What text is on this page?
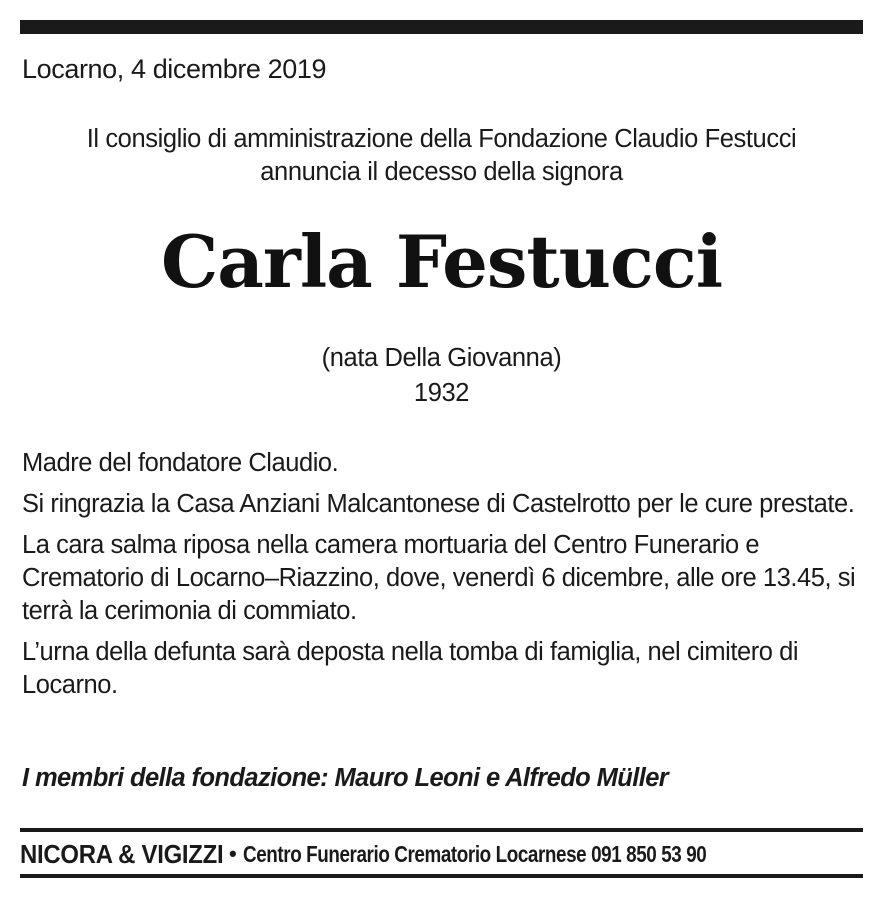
Locarno, 4 dicembre 2019
Il consiglio di amministrazione della Fondazione Claudio Festucci
annuncia il decesso della signora
Carla Festucci
(nata Della Giovanna)
1932

Madre del fondatore Claudio.

Si ringrazia la Casa Anziani Malcantonese di Castelrotto per le cure prestate.

La cara salma riposa nella camera mortuaria del Centro Funerario e Crematorio di Locarno–Riazzino, dove, venerdì 6 dicembre, alle ore 13.45, si terrà la cerimonia di commiato.

L’urna della defunta sarà deposta nella tomba di famiglia, nel cimitero di Locarno.

I membri della fondazione: Mauro Leoni e Alfredo Müller
NICORA & VIGIZZI • Centro Funerario Crematorio Locarnese 091 850 53 90
